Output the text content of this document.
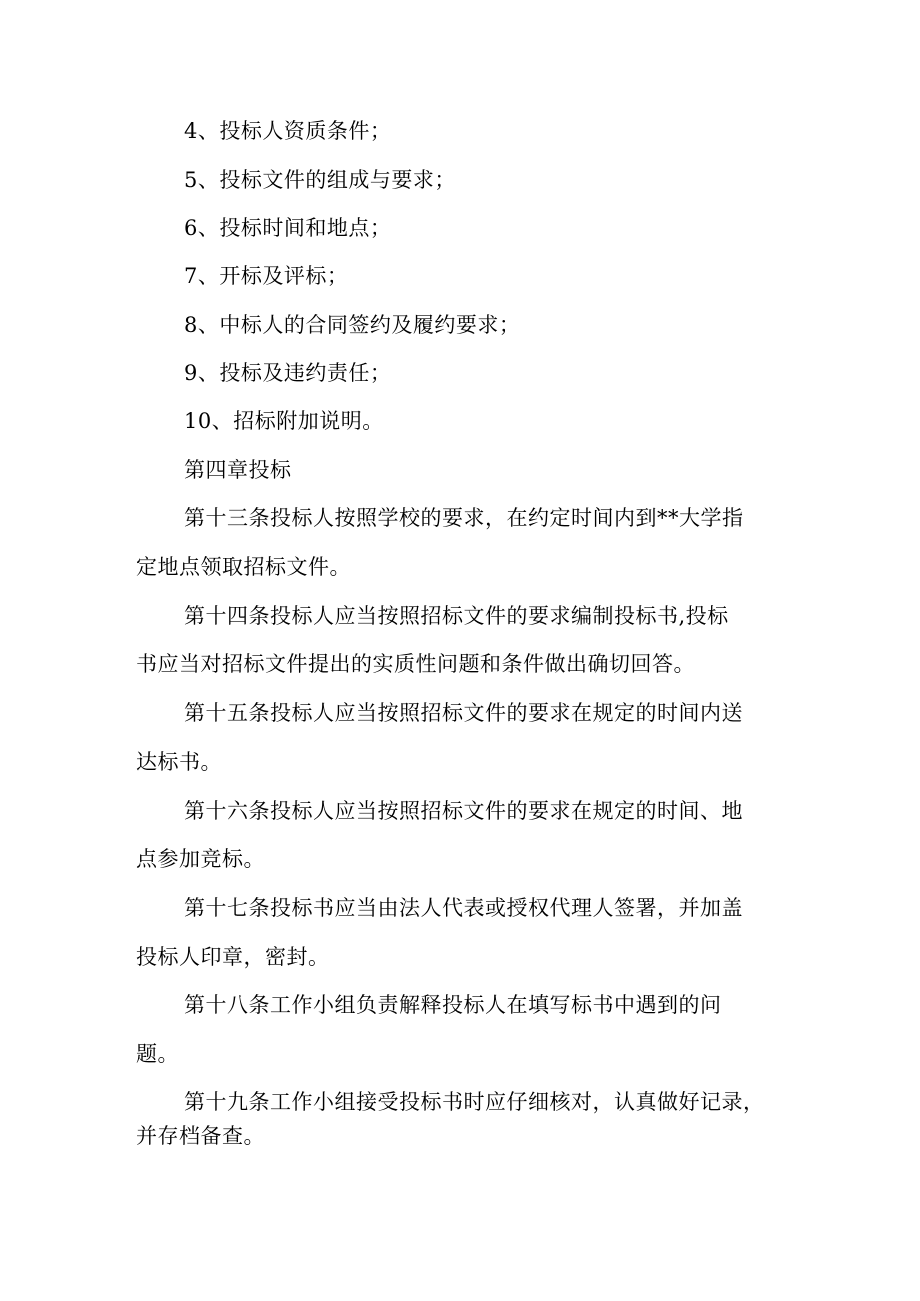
4、投标人资质条件；
5、投标文件的组成与要求；
6、投标时间和地点；
7、开标及评标；
8、中标人的合同签约及履约要求；
9、投标及违约责任；
10、招标附加说明。
第四章投标
第十三条投标人按照学校的要求，在约定时间内到**大学指
定地点领取招标文件。
第十四条投标人应当按照招标文件的要求编制投标书,投标
书应当对招标文件提出的实质性问题和条件做出确切回答。
第十五条投标人应当按照招标文件的要求在规定的时间内送
达标书。
第十六条投标人应当按照招标文件的要求在规定的时间、地
点参加竞标。
第十七条投标书应当由法人代表或授权代理人签署，并加盖
投标人印章，密封。
第十八条工作小组负责解释投标人在填写标书中遇到的问
题。
第十九条工作小组接受投标书时应仔细核对，认真做好记录，
并存档备查。
